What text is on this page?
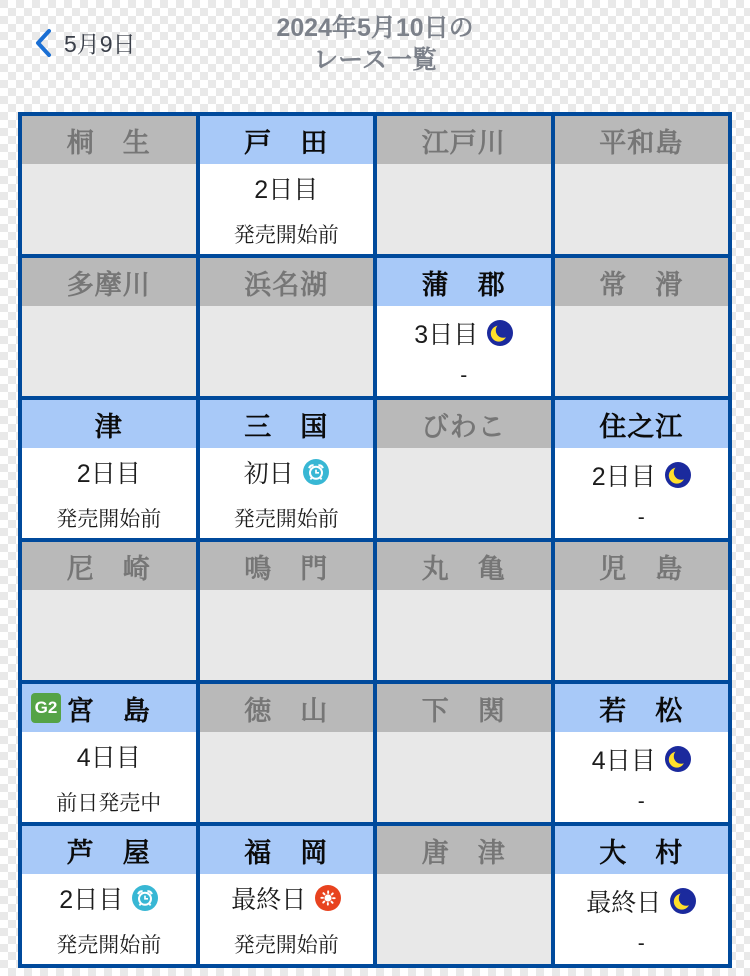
5月9日
2024年5月10日の
レース一覧
桐　生	戸　田
2日目
発売開始前
江戸川	平和島
多摩川	浜名湖	蒲　郡
3日目
-
常　滑
津
2日目
発売開始前
三　国
初日
発売開始前
びわこ	住之江
2日目
-
尼　崎	鳴　門	丸　亀	児　島
G2 宮　島
4日目
前日発売中
徳　山	下　関	若　松
4日目
-
芦　屋
2日目
発売開始前
福　岡
最終日
発売開始前
唐　津	大　村
最終日
-
